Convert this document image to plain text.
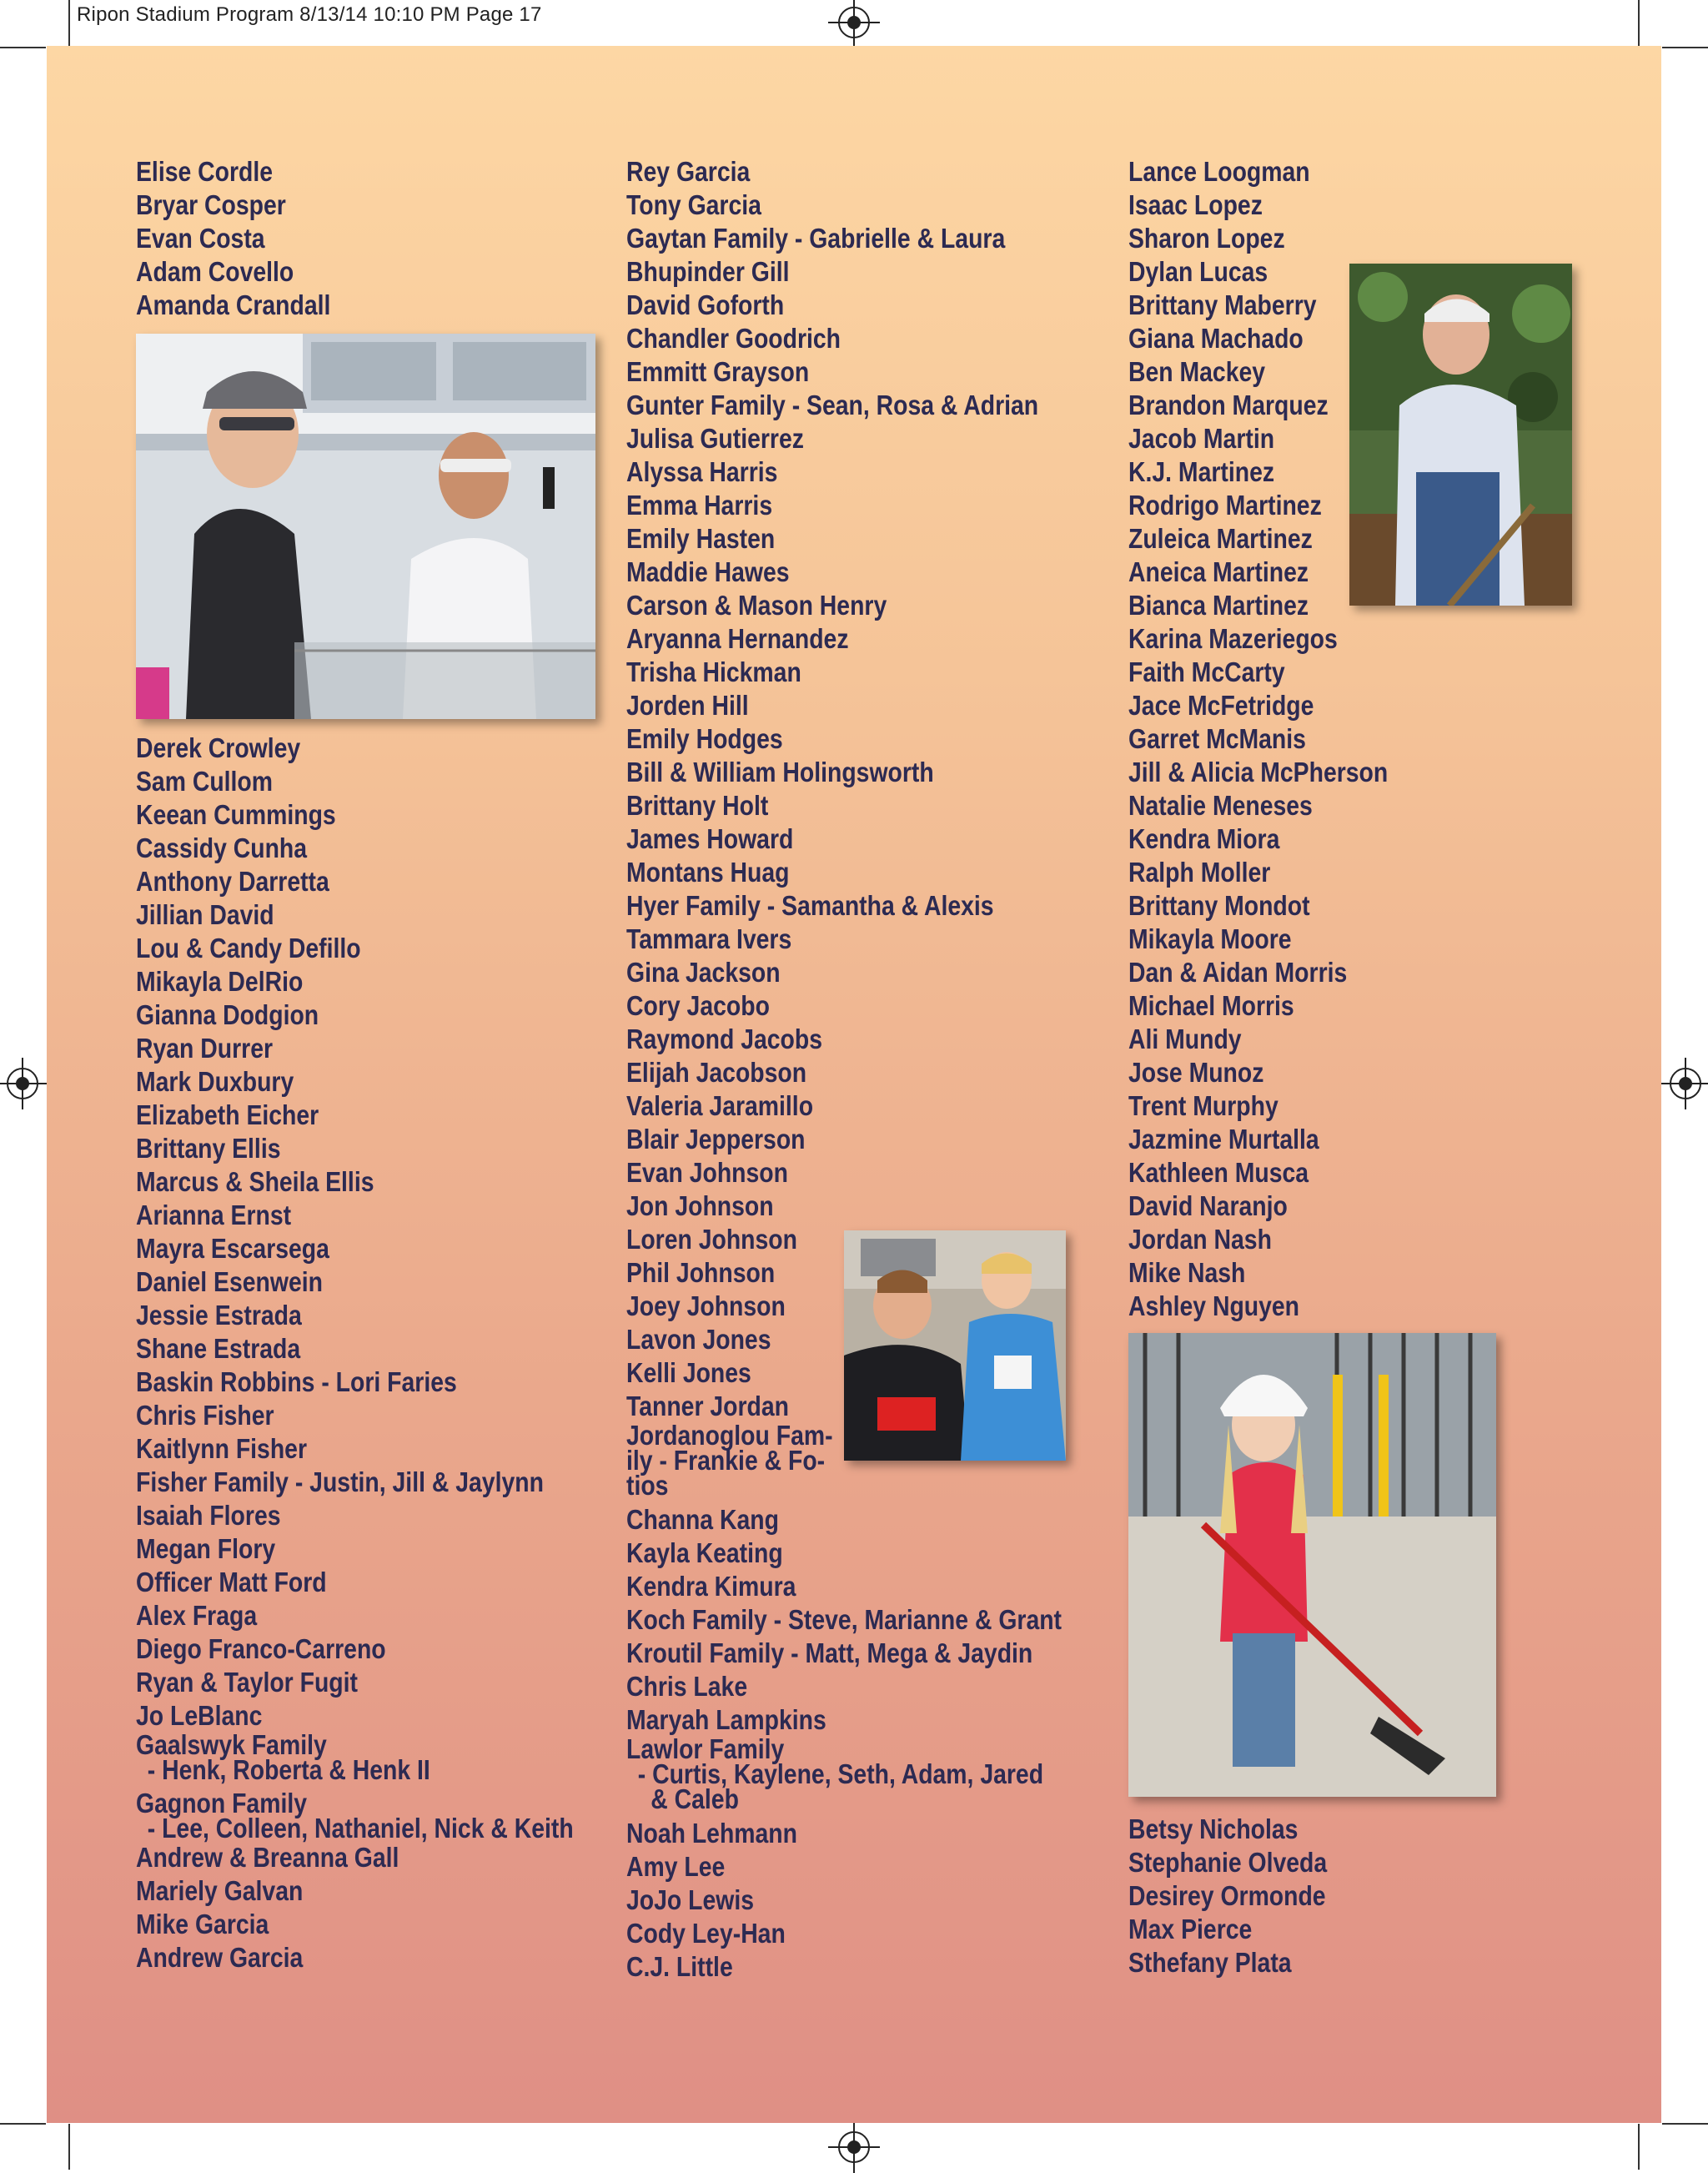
Ripon Stadium Program 8/13/14 10:10 PM Page 17
Elise Cordle
Bryar Cosper
Evan Costa
Adam Covello
Amanda Crandall
Derek Crowley
Sam Cullom
Keean Cummings
Cassidy Cunha
Anthony Darretta
Jillian David
Lou & Candy Defillo
Mikayla DelRio
Gianna Dodgion
Ryan Durrer
Mark Duxbury
Elizabeth Eicher
Brittany Ellis
Marcus & Sheila Ellis
Arianna Ernst
Mayra Escarsega
Daniel Esenwein
Jessie Estrada
Shane Estrada
Baskin Robbins - Lori Faries
Chris Fisher
Kaitlynn Fisher
Fisher Family - Justin, Jill & Jaylynn
Isaiah Flores
Megan Flory
Officer Matt Ford
Alex Fraga
Diego Franco-Carreno
Ryan & Taylor Fugit
Jo LeBlanc
Gaalswyk Family
- Henk, Roberta & Henk II
Gagnon Family
- Lee, Colleen, Nathaniel, Nick & Keith
Andrew & Breanna Gall
Mariely Galvan
Mike Garcia
Andrew Garcia
Rey Garcia
Tony Garcia
Gaytan Family - Gabrielle & Laura
Bhupinder Gill
David Goforth
Chandler Goodrich
Emmitt Grayson
Gunter Family - Sean, Rosa & Adrian
Julisa Gutierrez
Alyssa Harris
Emma Harris
Emily Hasten
Maddie Hawes
Carson & Mason Henry
Aryanna Hernandez
Trisha Hickman
Jorden Hill
Emily Hodges
Bill & William Holingsworth
Brittany Holt
James Howard
Montans Huag
Hyer Family - Samantha & Alexis
Tammara Ivers
Gina Jackson
Cory Jacobo
Raymond Jacobs
Elijah Jacobson
Valeria Jaramillo
Blair Jepperson
Evan Johnson
Jon Johnson
Loren Johnson
Phil Johnson
Joey Johnson
Lavon Jones
Kelli Jones
Tanner Jordan
Jordanoglou Fam-
ily - Frankie & Fo-
tios
Channa Kang
Kayla Keating
Kendra Kimura
Koch Family - Steve, Marianne & Grant
Kroutil Family - Matt, Mega & Jaydin
Chris Lake
Maryah Lampkins
Lawlor Family
- Curtis, Kaylene, Seth, Adam, Jared
& Caleb
Noah Lehmann
Amy Lee
JoJo Lewis
Cody Ley-Han
C.J. Little
Lance Loogman
Isaac Lopez
Sharon Lopez
Dylan Lucas
Brittany Maberry
Giana Machado
Ben Mackey
Brandon Marquez
Jacob Martin
K.J. Martinez
Rodrigo Martinez
Zuleica Martinez
Aneica Martinez
Bianca Martinez
Karina Mazeriegos
Faith McCarty
Jace McFetridge
Garret McManis
Jill & Alicia McPherson
Natalie Meneses
Kendra Miora
Ralph Moller
Brittany Mondot
Mikayla Moore
Dan & Aidan Morris
Michael Morris
Ali Mundy
Jose Munoz
Trent Murphy
Jazmine Murtalla
Kathleen Musca
David Naranjo
Jordan Nash
Mike Nash
Ashley Nguyen
Betsy Nicholas
Stephanie Olveda
Desirey Ormonde
Max Pierce
Sthefany Plata
